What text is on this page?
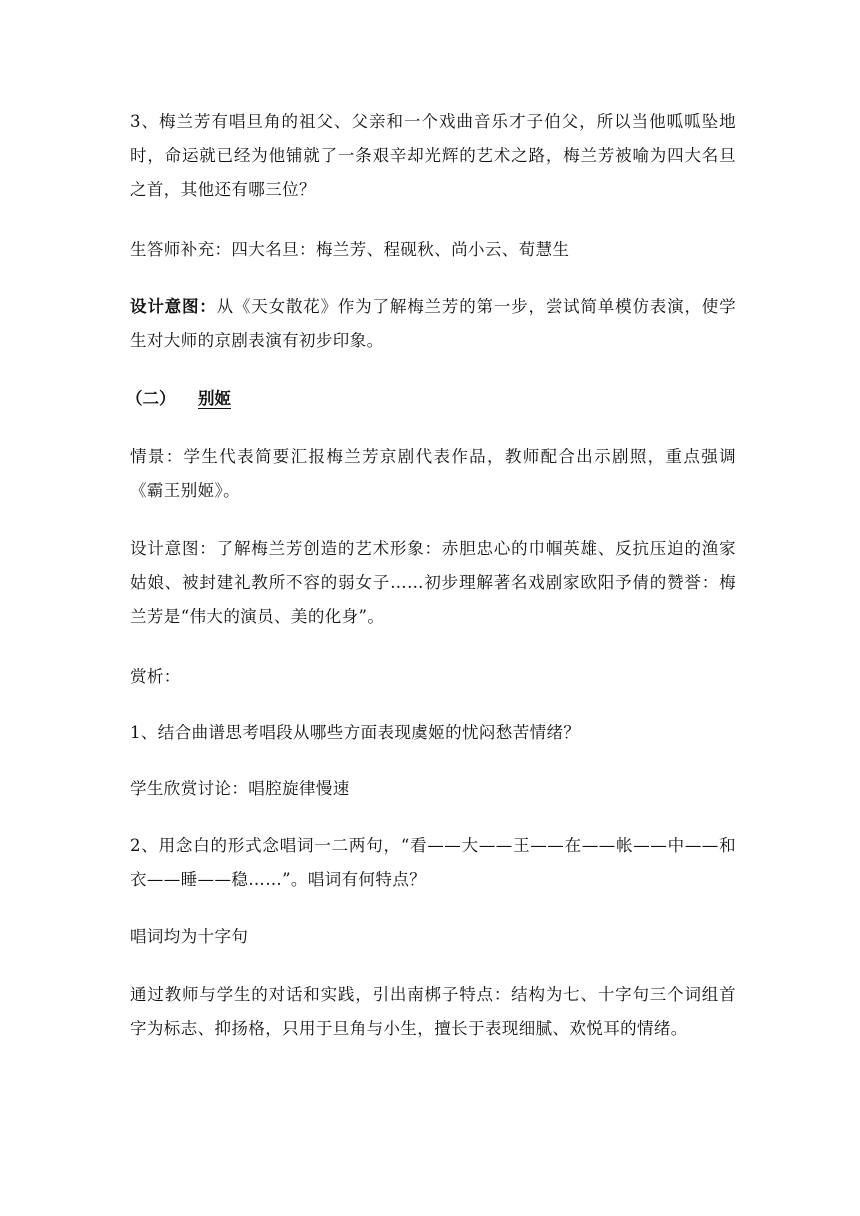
3、梅兰芳有唱旦角的祖父、父亲和一个戏曲音乐才子伯父，所以当他呱呱坠地时，命运就已经为他铺就了一条艰辛却光辉的艺术之路，梅兰芳被喻为四大名旦之首，其他还有哪三位？

生答师补充：四大名旦：梅兰芳、程砚秋、尚小云、荀慧生

设计意图：从《天女散花》作为了解梅兰芳的第一步，尝试简单模仿表演，使学生对大师的京剧表演有初步印象。

（二） 别姬

情景：学生代表简要汇报梅兰芳京剧代表作品，教师配合出示剧照，重点强调《霸王别姬》。

设计意图：了解梅兰芳创造的艺术形象：赤胆忠心的巾帼英雄、反抗压迫的渔家姑娘、被封建礼教所不容的弱女子……初步理解著名戏剧家欧阳予倩的赞誉：梅兰芳是“伟大的演员、美的化身”。

赏析：

1、结合曲谱思考唱段从哪些方面表现虞姬的忧闷愁苦情绪？

学生欣赏讨论：唱腔旋律慢速

2、用念白的形式念唱词一二两句，“看——大——王——在——帐——中——和衣——睡——稳……”。唱词有何特点？

唱词均为十字句

通过教师与学生的对话和实践，引出南梆子特点：结构为七、十字句三个词组首字为标志、抑扬格，只用于旦角与小生，擅长于表现细腻、欢悦耳的情绪。
